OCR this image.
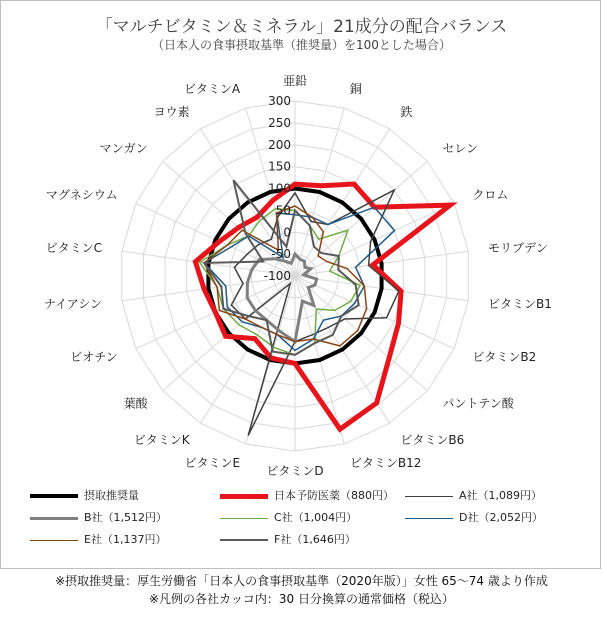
「マルチビタミン＆ミネラル」21成分の配合バランス
（日本人の食事摂取基準（推奨量）を100とした場合）
-100
-50
0
50
100
150
200
250
300
亜鉛
銅
鉄
セレン
クロム
モリブデン
ビタミンB1
ビタミンB2
パントテン酸
ビタミンB6
ビタミンB12
ビタミンD
ビタミンE
ビタミンK
葉酸
ビオチン
ナイアシン
ビタミンC
マグネシウム
マンガン
ヨウ素
ビタミンA
摂取推奨量	日本予防医薬（880円）	A社（1,089円）
B社（1,512円）	C社（1,004円）	D社（2,052円）
E社（1,137円）	F社（1,646円）
※摂取推奨量：厚生労働省「日本人の食事摂取基準（2020年版）」女性 65～74 歳より作成
※凡例の各社カッコ内：30 日分換算の通常価格（税込）
